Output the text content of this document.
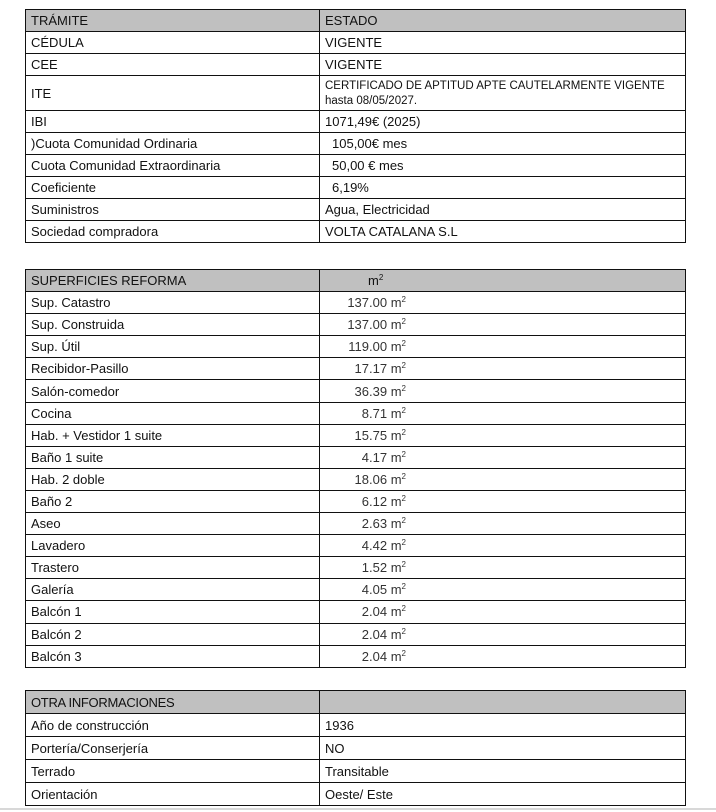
TRÁMITE	ESTADO
CÉDULA	VIGENTE
CEE	VIGENTE
ITE	CERTIFICADO DE APTITUD APTE CAUTELARMENTE VIGENTE hasta 08/05/2027.
IBI	1071,49€ (2025)
)Cuota Comunidad Ordinaria	105,00€ mes
Cuota Comunidad Extraordinaria	50,00 € mes
Coeficiente	6,19%
Suministros	Agua, Electricidad
Sociedad compradora	VOLTA CATALANA S.L
SUPERFICIES REFORMA	$m^2$
Sup. Catastro	137.00 $m^2$
Sup. Construida	137.00 $m^2$
Sup. Útil	119.00 $m^2$
Recibidor-Pasillo	17.17 $m^2$
Salón-comedor	36.39 $m^2$
Cocina	8.71 $m^2$
Hab. + Vestidor 1 suite	15.75 $m^2$
Baño 1 suite	4.17 $m^2$
Hab. 2 doble	18.06 $m^2$
Baño 2	6.12 $m^2$
Aseo	2.63 $m^2$
Lavadero	4.42 $m^2$
Trastero	1.52 $m^2$
Galería	4.05 $m^2$
Balcón 1	2.04 $m^2$
Balcón 2	2.04 $m^2$
Balcón 3	2.04 $m^2$
OTRA INFORMACIONES	
Año de construcción	1936
Portería/Conserjería	NO
Terrado	Transitable
Orientación	Oeste/ Este
